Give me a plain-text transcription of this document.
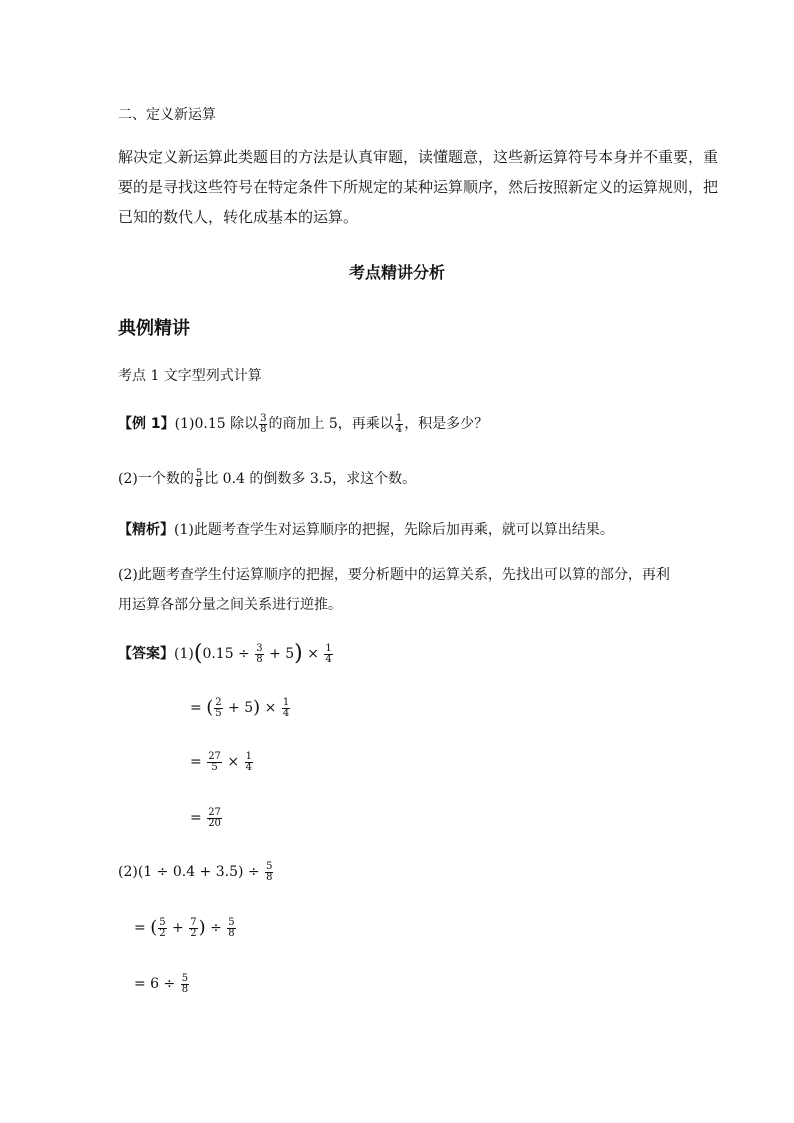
二、定义新运算
解决定义新运算此类题目的方法是认真审题，读懂题意，这些新运算符号本身并不重要，重
要的是寻找这些符号在特定条件下所规定的某种运算顺序，然后按照新定义的运算规则，把
已知的数代人，转化成基本的运算。
考点精讲分析
典例精讲
考点 1 文字型列式计算
【例 1】(1)0.15 除以 $\frac{3}{8}$ 的商加上 5，再乘以 $\frac{1}{4}$ ，积是多少？
(2)一个数的 $\frac{5}{8}$ 比 0.4 的倒数多 3.5，求这个数。
【精析】(1)此题考查学生对运算顺序的把握，先除后加再乘，就可以算出结果。
(2)此题考查学生付运算顺序的把握，要分析题中的运算关系，先找出可以算的部分，再利
用运算各部分量之间关系进行逆推。
【答案】$(1)(0.15 \div \frac{3}{8} + 5) \times \frac{1}{4}$
= ( $\frac{2}{5} + 5) \times \frac{1}{4}$
= $\frac{27}{5} \times \frac{1}{4}$
= $\frac{27}{20}$
$(2)(1 \div 0.4 + 3.5) \div \frac{5}{8}$
= ( $\frac{5}{2} + \frac{7}{2}$ ) ÷ $\frac{5}{8}$
= $6 \div \frac{5}{8}$
